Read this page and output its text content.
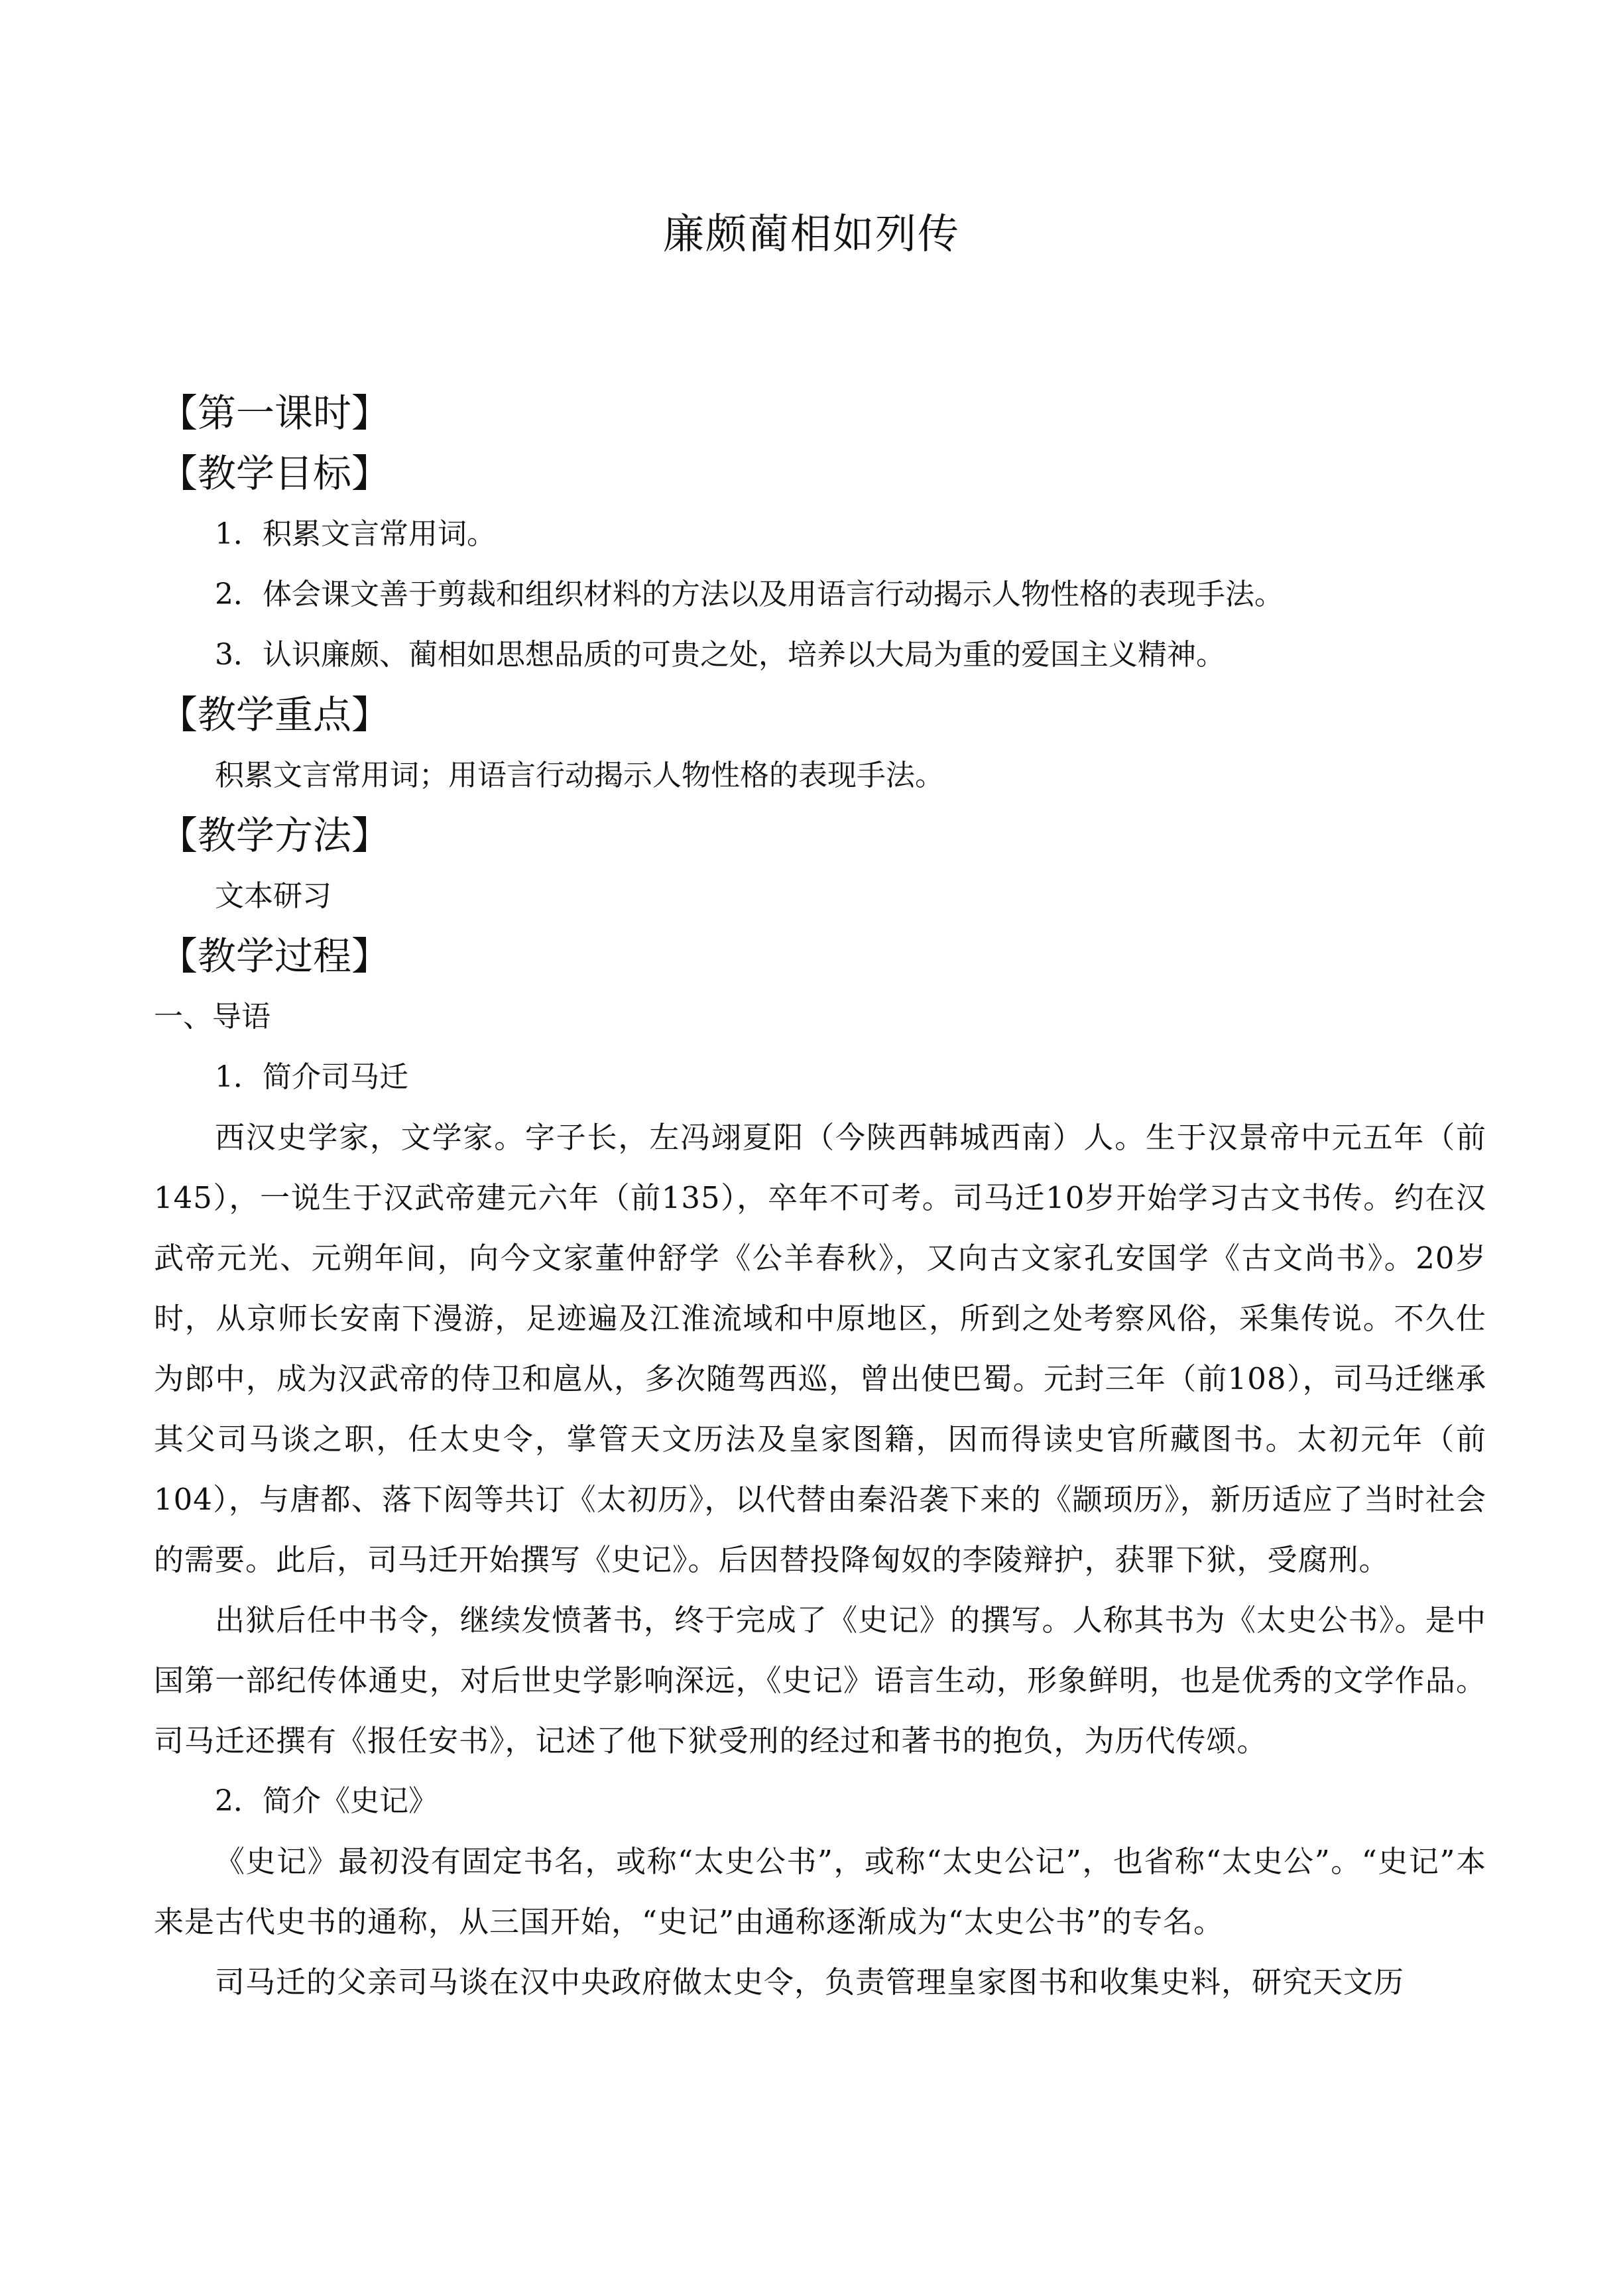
廉颇蔺相如列传
【 第一课时 】
【 教学目标 】

1．积累文言常用词。

2．体会课文善于剪裁和组织材料的方法以及用语言行动揭示人物性格的表现手法。

3．认识廉颇、蔺相如思想品质的可贵之处，培养以大局为重的爱国主义精神。

【 教学重点 】

积累文言常用词；用语言行动揭示人物性格的表现手法。

【 教学方法 】

文本研习

【 教学过程 】

一、导语

1．简介司马迁

西汉史学家，文学家。字子长，左冯翊夏阳（今陕西韩城西南）人。生于汉景帝中元五年（前145），一说生于汉武帝建元六年（前135），卒年不可考。司马迁10岁开始学习古文书传。约在汉武帝元光、元朔年间，向今文家董仲舒学《公羊春秋》，又向古文家孔安国学《古文尚书》。20岁时，从京师长安南下漫游，足迹遍及江淮流域和中原地区，所到之处考察风俗，采集传说。不久仕为郎中，成为汉武帝的侍卫和扈从，多次随驾西巡，曾出使巴蜀。元封三年（前108），司马迁继承其父司马谈之职，任太史令，掌管天文历法及皇家图籍，因而得读史官所藏图书。太初元年（前104），与唐都、落下闳等共订《太初历》，以代替由秦沿袭下来的《颛顼历》，新历适应了当时社会的需要。此后，司马迁开始撰写《史记》。后因替投降匈奴的李陵辩护，获罪下狱，受腐刑。

出狱后任中书令，继续发愤著书，终于完成了《史记》的撰写。人称其书为《太史公书》。是中国第一部纪传体通史，对后世史学影响深远，《史记》语言生动，形象鲜明，也是优秀的文学作品。司马迁还撰有《报任安书》，记述了他下狱受刑的经过和著书的抱负，为历代传颂。

2．简介《史记》

《史记》最初没有固定书名，或称“太史公书”，或称“太史公记”，也省称“太史公”。“史记”本来是古代史书的通称，从三国开始，“史记”由通称逐渐成为“太史公书”的专名。

司马迁的父亲司马谈在汉中央政府做太史令，负责管理皇家图书和收集史料，研究天文历
